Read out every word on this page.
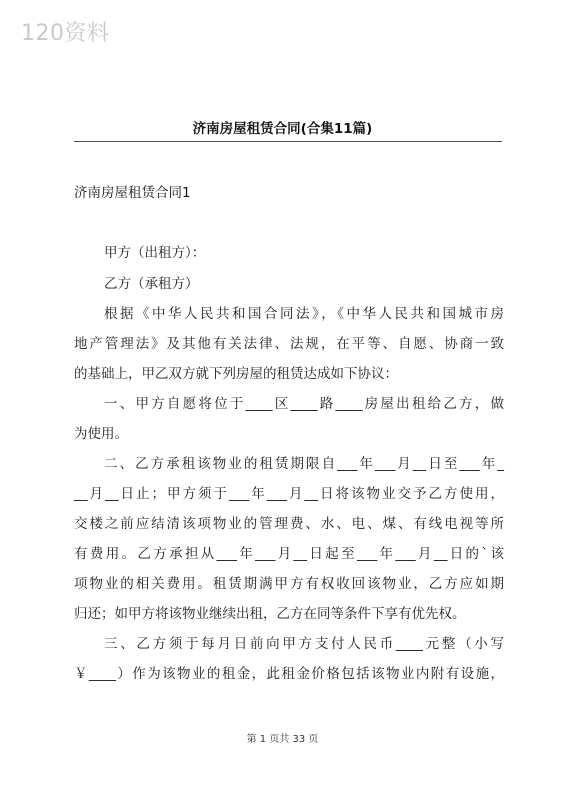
120资料
济南房屋租赁合同(合集11篇)
济南房屋租赁合同1
甲方（出租方）：
乙方（承租方）
根据《中华人民共和国合同法》，《中华人民共和国城市房
地产管理法》及其他有关法律、法规，在平等、自愿、协商一致
的基础上，甲乙双方就下列房屋的租赁达成如下协议：
一、甲方自愿将位于____区____路____房屋出租给乙方，做
为使用。
二、乙方承租该物业的租赁期限自___年___月__日至___年_
__月__日止；甲方须于___年___月__日将该物业交予乙方使用，
交楼之前应结清该项物业的管理费、水、电、煤、有线电视等所
有费用。乙方承担从___年___月__日起至___年___月__日的`该
项物业的相关费用。租赁期满甲方有权收回该物业，乙方应如期
归还；如甲方将该物业继续出租，乙方在同等条件下享有优先权。
三、乙方须于每月日前向甲方支付人民币____元整（小写
￥____）作为该物业的租金，此租金价格包括该物业内附有设施，
第 1 页共 33 页
